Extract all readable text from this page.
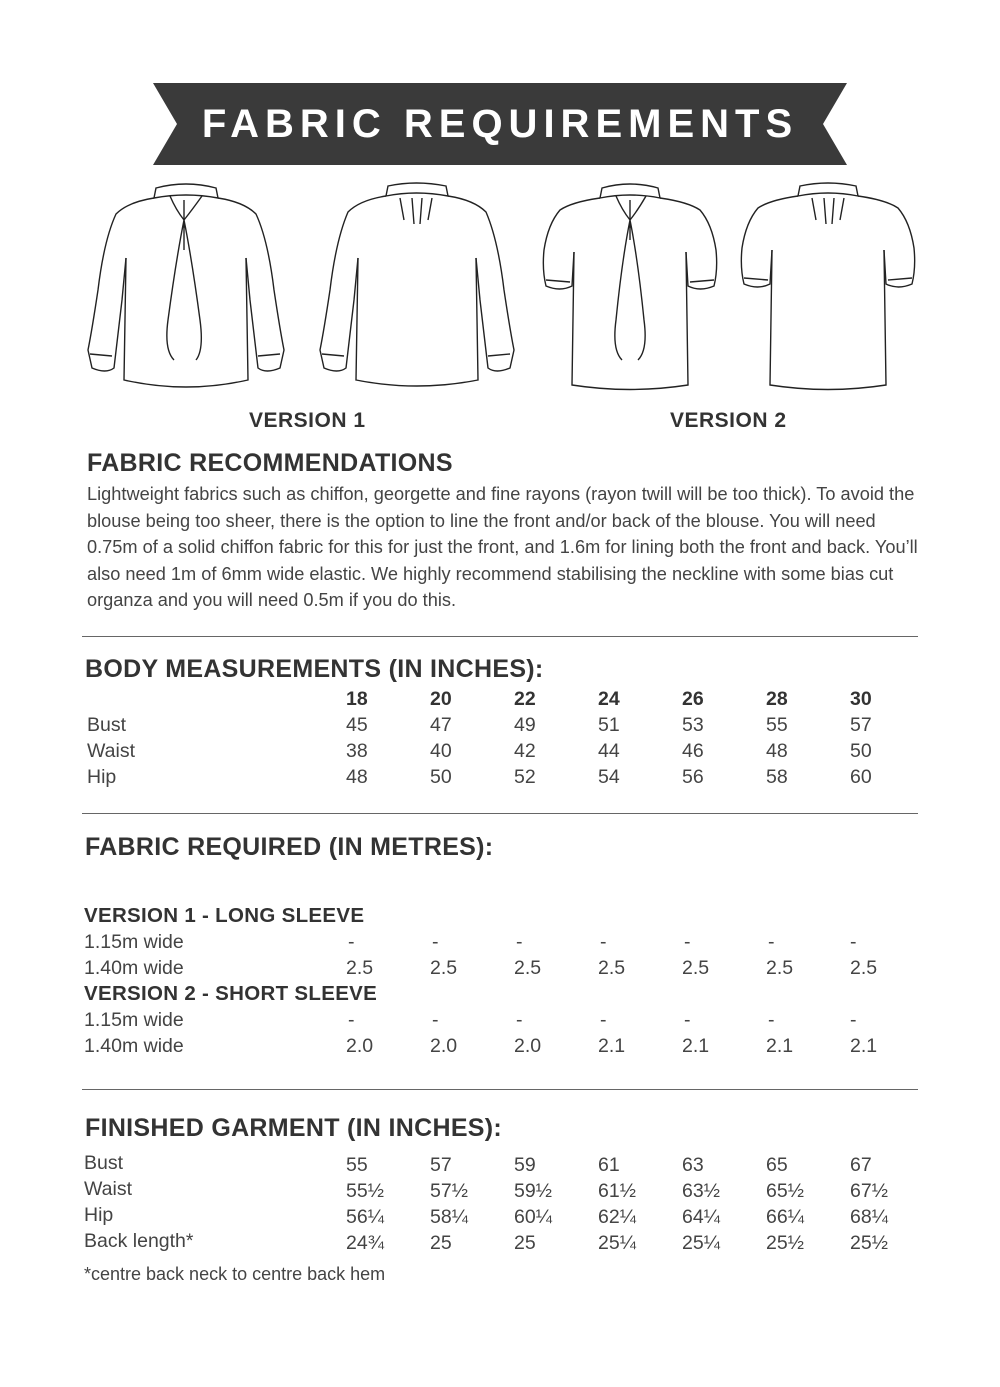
FABRIC REQUIREMENTS
VERSION 1	VERSION 2
FABRIC RECOMMENDATIONS
Lightweight fabrics such as chiffon, georgette and fine rayons (rayon twill will be too thick). To avoid the blouse being too sheer, there is the option to line the front and/or back of the blouse. You will need 0.75m of a solid chiffon fabric for this for just the front, and 1.6m for lining both the front and back. You’ll also need 1m of 6mm wide elastic. We highly recommend stabilising the neckline with some bias cut organza and you will need 0.5m if you do this.
BODY MEASUREMENTS (IN INCHES):
18	20	22	24	26	28	30
Bust	45	47	49	51	53	55	57
Waist	38	40	42	44	46	48	50
Hip	48	50	52	54	56	58	60
FABRIC REQUIRED (IN METRES):
VERSION 1 - LONG SLEEVE
1.15m wide	-	-	-	-	-	-	-
1.40m wide	2.5	2.5	2.5	2.5	2.5	2.5	2.5
VERSION 2 - SHORT SLEEVE
1.15m wide	-	-	-	-	-	-	-
1.40m wide	2.0	2.0	2.0	2.1	2.1	2.1	2.1
FINISHED GARMENT (IN INCHES):
Bust	55	57	59	61	63	65	67
Waist	55½ 57½ 59½ 61½ 63½ 65½ 67½
Hip	56¼ 58¼ 60¼ 62¼ 64¼ 66¼ 68¼
Back length*	24¾ 25	25	25¼ 25¼ 25½ 25½
*centre back neck to centre back hem
